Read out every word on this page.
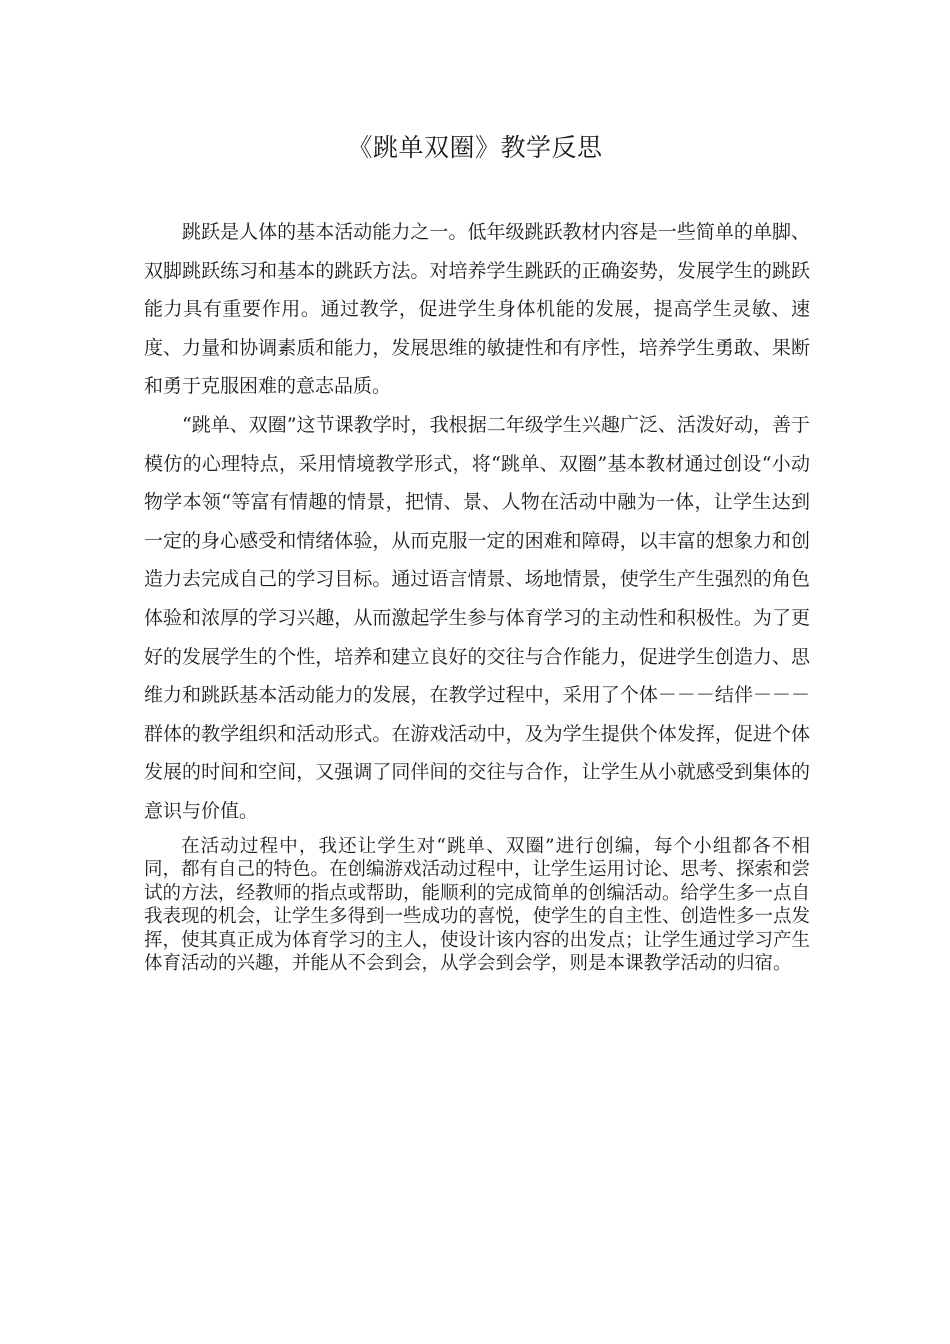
《跳单双圈》教学反思

跳跃是人体的基本活动能力之一。低年级跳跃教材内容是一些简单的单脚、双脚跳跃练习和基本的跳跃方法。对培养学生跳跃的正确姿势，发展学生的跳跃能力具有重要作用。通过教学，促进学生身体机能的发展，提高学生灵敏、速度、力量和协调素质和能力，发展思维的敏捷性和有序性，培养学生勇敢、果断和勇于克服困难的意志品质。

“跳单、双圈”这节课教学时，我根据二年级学生兴趣广泛、活泼好动，善于模仿的心理特点，采用情境教学形式，将“跳单、双圈”基本教材通过创设“小动物学本领“等富有情趣的情景，把情、景、人物在活动中融为一体，让学生达到一定的身心感受和情绪体验，从而克服一定的困难和障碍，以丰富的想象力和创造力去完成自己的学习目标。通过语言情景、场地情景，使学生产生强烈的角色体验和浓厚的学习兴趣，从而激起学生参与体育学习的主动性和积极性。为了更好的发展学生的个性，培养和建立良好的交往与合作能力，促进学生创造力、思维力和跳跃基本活动能力的发展，在教学过程中，采用了个体－－－结伴－－－群体的教学组织和活动形式。在游戏活动中，及为学生提供个体发挥，促进个体发展的时间和空间，又强调了同伴间的交往与合作，让学生从小就感受到集体的意识与价值。

在活动过程中，我还让学生对“跳单、双圈”进行创编，每个小组都各不相同，都有自己的特色。在创编游戏活动过程中，让学生运用讨论、思考、探索和尝试的方法，经教师的指点或帮助，能顺利的完成简单的创编活动。给学生多一点自我表现的机会，让学生多得到一些成功的喜悦，使学生的自主性、创造性多一点发挥，使其真正成为体育学习的主人，使设计该内容的出发点；让学生通过学习产生体育活动的兴趣，并能从不会到会，从学会到会学，则是本课教学活动的归宿。
